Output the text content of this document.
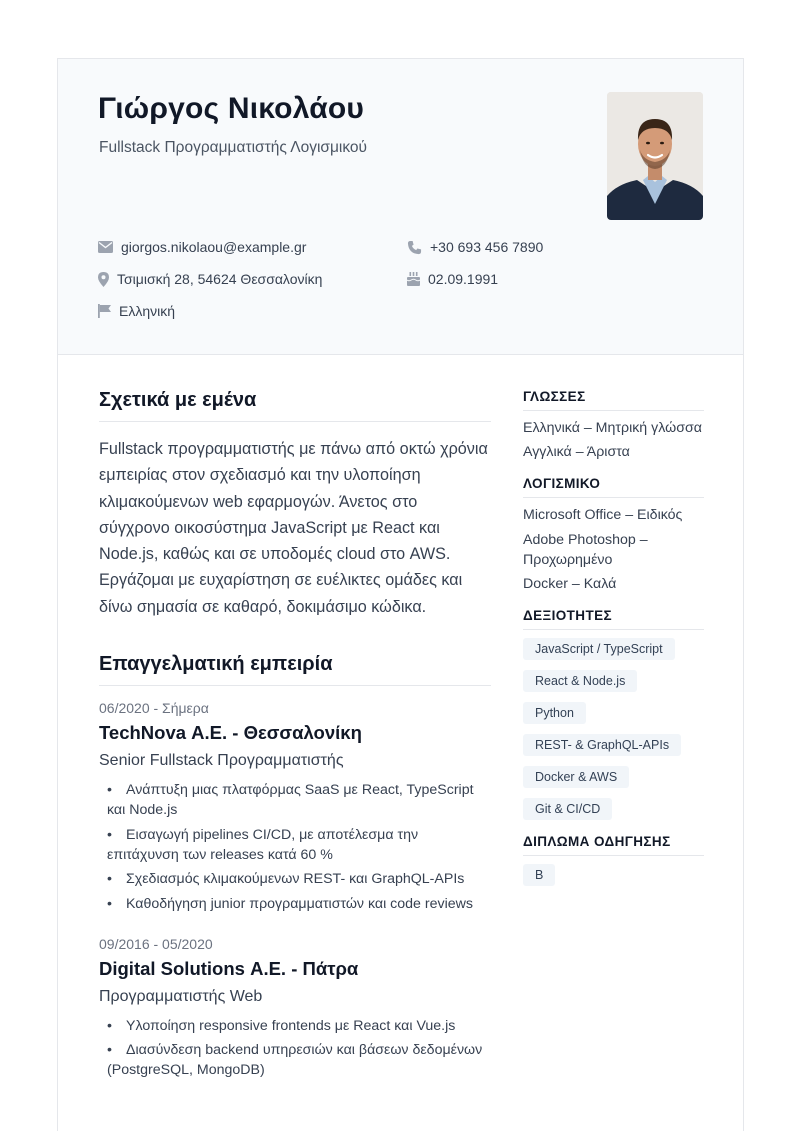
Γιώργος Νικολάου
Fullstack Προγραμματιστής Λογισμικού
giorgos.nikolaou@example.gr	+30 693 456 7890
Τσιμισκή 28, 54624 Θεσσαλονίκη	02.09.1991
Ελληνική
Σχετικά με εμένα

Fullstack προγραμματιστής με πάνω από οκτώ χρόνια εμπειρίας στον σχεδιασμό και την υλοποίηση κλιμακούμενων web εφαρμογών. Άνετος στο σύγχρονο οικοσύστημα JavaScript με React και Node.js, καθώς και σε υποδομές cloud στο AWS. Εργάζομαι με ευχαρίστηση σε ευέλικτες ομάδες και δίνω σημασία σε καθαρό, δοκιμάσιμο κώδικα.

Επαγγελματική εμπειρία
06/2020 - Σήμερα
TechNova Α.Ε. - Θεσσαλονίκη
Senior Fullstack Προγραμματιστής
• Ανάπτυξη μιας πλατφόρμας SaaS με React, TypeScript και Node.js
• Εισαγωγή pipelines CI/CD, με αποτέλεσμα την επιτάχυνση των releases κατά 60 %
• Σχεδιασμός κλιμακούμενων REST- και GraphQL-APIs
• Καθοδήγηση junior προγραμματιστών και code reviews
09/2016 - 05/2020
Digital Solutions Α.Ε. - Πάτρα
Προγραμματιστής Web
• Υλοποίηση responsive frontends με React και Vue.js
• Διασύνδεση backend υπηρεσιών και βάσεων δεδομένων (PostgreSQL, MongoDB)
ΓΛΩΣΣΕΣ
Ελληνικά – Μητρική γλώσσα
Αγγλικά – Άριστα
ΛΟΓΙΣΜΙΚΟ
Microsoft Office – Ειδικός
Adobe Photoshop – Προχωρημένο
Docker – Καλά
ΔΕΞΙΟΤΗΤΕΣ
JavaScript / TypeScript
React & Node.js
Python
REST- & GraphQL-APIs
Docker & AWS
Git & CI/CD
ΔΙΠΛΩΜΑ ΟΔΗΓΗΣΗΣ
B
